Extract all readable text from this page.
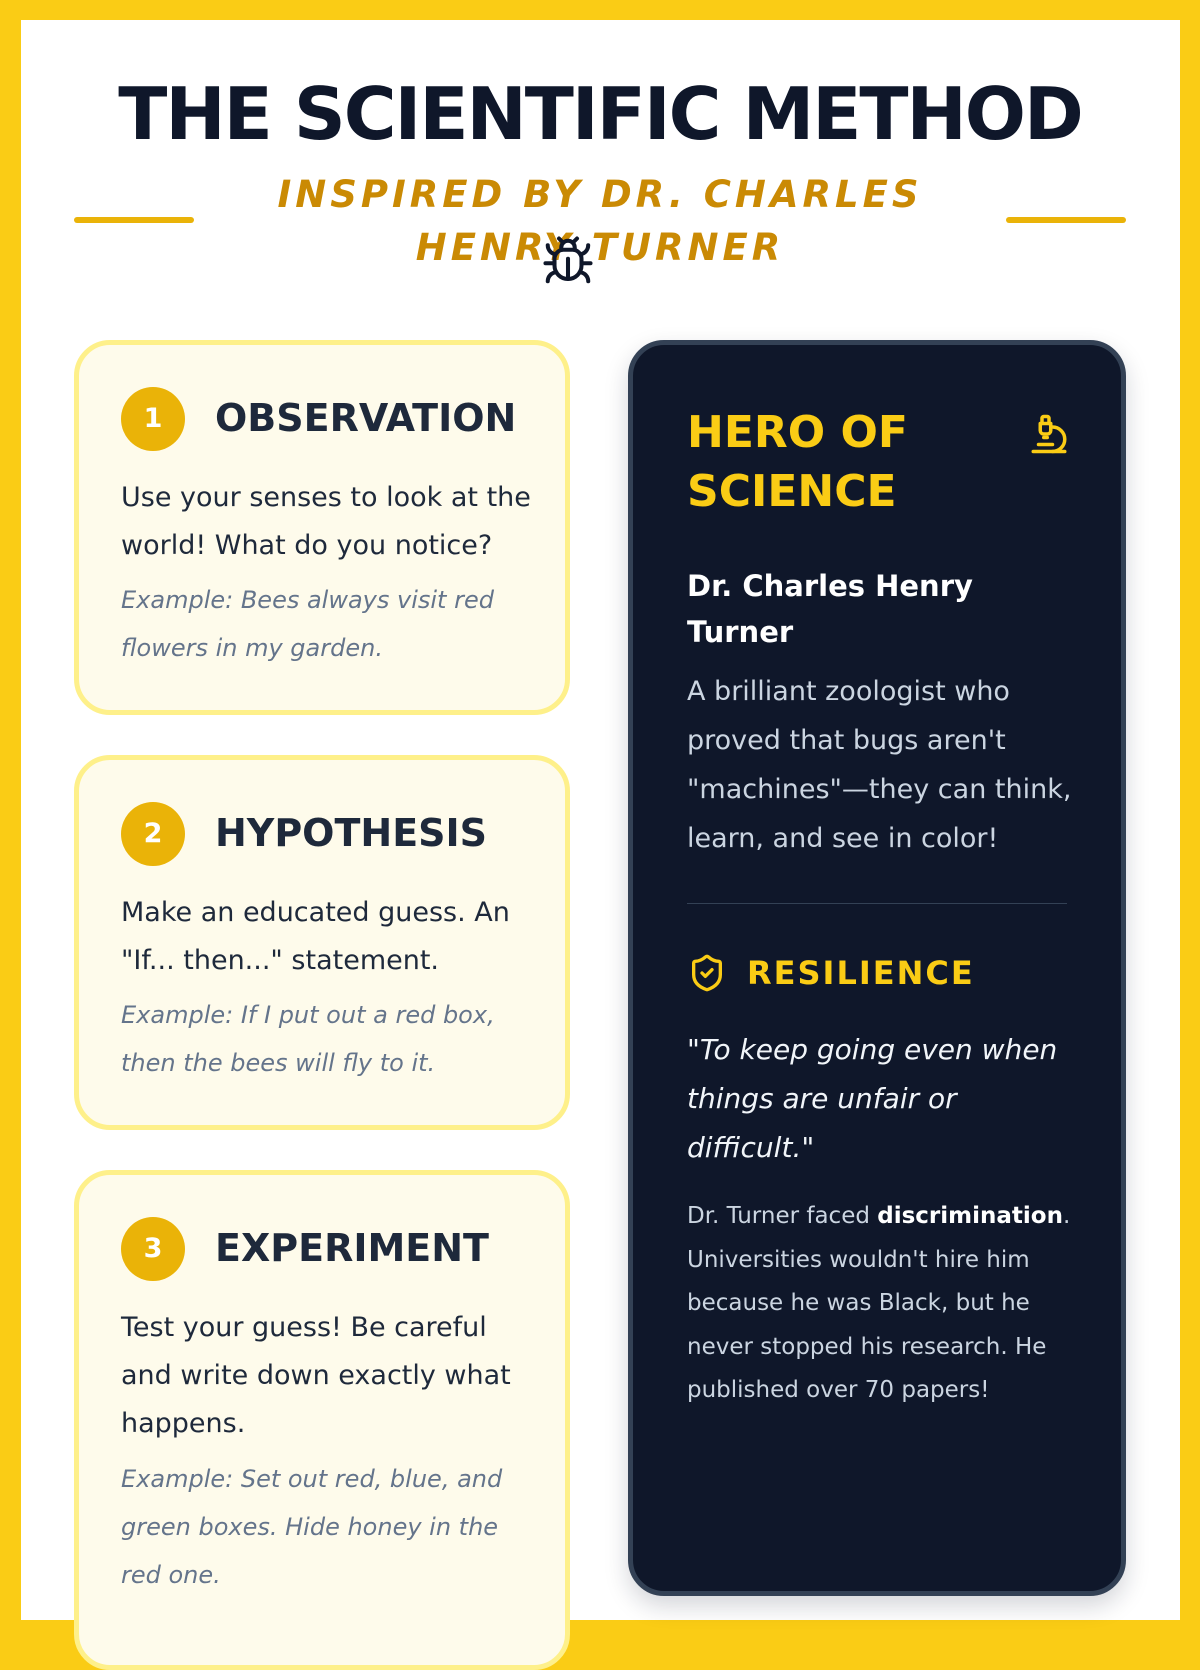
THE SCIENTIFIC METHOD
INSPIRED BY DR. CHARLES
HENRY TURNER
1	OBSERVATION

Use your senses to look at the world! What do you notice?

Example: Bees always visit red flowers in my garden.

2	HYPOTHESIS

Make an educated guess. An "If... then..." statement.

Example: If I put out a red box, then the bees will fly to it.

3	EXPERIMENT

Test your guess! Be careful and write down exactly what happens.

Example: Set out red, blue, and green boxes. Hide honey in the red one.

HERO OF SCIENCE

Dr. Charles Henry Turner

A brilliant zoologist who proved that bugs aren't "machines"—they can think, learn, and see in color!

RESILIENCE

"To keep going even when things are unfair or difficult."

Dr. Turner faced discrimination. Universities wouldn't hire him because he was Black, but he never stopped his research. He published over 70 papers!
